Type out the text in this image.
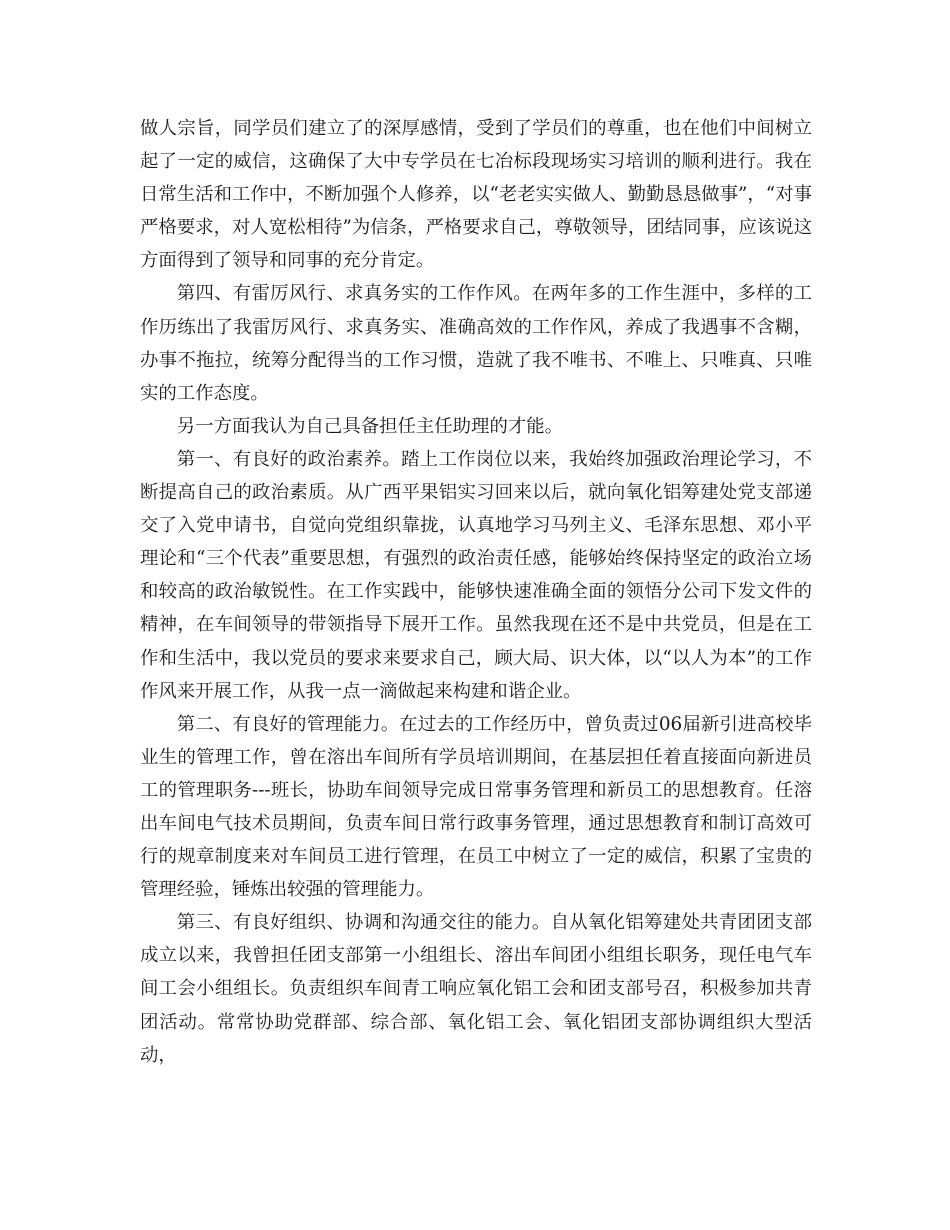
做人宗旨，同学员们建立了的深厚感情，受到了学员们的尊重，也在他们中间树立起了一定的威信，这确保了大中专学员在七冶标段现场实习培训的顺利进行。我在日常生活和工作中，不断加强个人修养，以“老老实实做人、勤勤恳恳做事”，“对事严格要求，对人宽松相待”为信条，严格要求自己，尊敬领导，团结同事，应该说这方面得到了领导和同事的充分肯定。

第四、有雷厉风行、求真务实的工作作风。在两年多的工作生涯中，多样的工作历练出了我雷厉风行、求真务实、准确高效的工作作风，养成了我遇事不含糊，办事不拖拉，统筹分配得当的工作习惯，造就了我不唯书、不唯上、只唯真、只唯实的工作态度。

另一方面我认为自己具备担任主任助理的才能。

第一、有良好的政治素养。踏上工作岗位以来，我始终加强政治理论学习，不断提高自己的政治素质。从广西平果铝实习回来以后，就向氧化铝筹建处党支部递交了入党申请书，自觉向党组织靠拢，认真地学习马列主义、毛泽东思想、邓小平理论和“三个代表”重要思想，有强烈的政治责任感，能够始终保持坚定的政治立场和较高的政治敏锐性。在工作实践中，能够快速准确全面的领悟分公司下发文件的精神，在车间领导的带领指导下展开工作。虽然我现在还不是中共党员，但是在工作和生活中，我以党员的要求来要求自己，顾大局、识大体，以“以人为本”的工作作风来开展工作，从我一点一滴做起来构建和谐企业。

第二、有良好的管理能力。在过去的工作经历中，曾负责过06届新引进高校毕业生的管理工作，曾在溶出车间所有学员培训期间，在基层担任着直接面向新进员工的管理职务---班长，协助车间领导完成日常事务管理和新员工的思想教育。任溶出车间电气技术员期间，负责车间日常行政事务管理，通过思想教育和制订高效可行的规章制度来对车间员工进行管理，在员工中树立了一定的威信，积累了宝贵的管理经验，锤炼出较强的管理能力。

第三、有良好组织、协调和沟通交往的能力。自从氧化铝筹建处共青团团支部成立以来，我曾担任团支部第一小组组长、溶出车间团小组组长职务，现任电气车间工会小组组长。负责组织车间青工响应氧化铝工会和团支部号召，积极参加共青团活动。常常协助党群部、综合部、氧化铝工会、氧化铝团支部协调组织大型活动，
